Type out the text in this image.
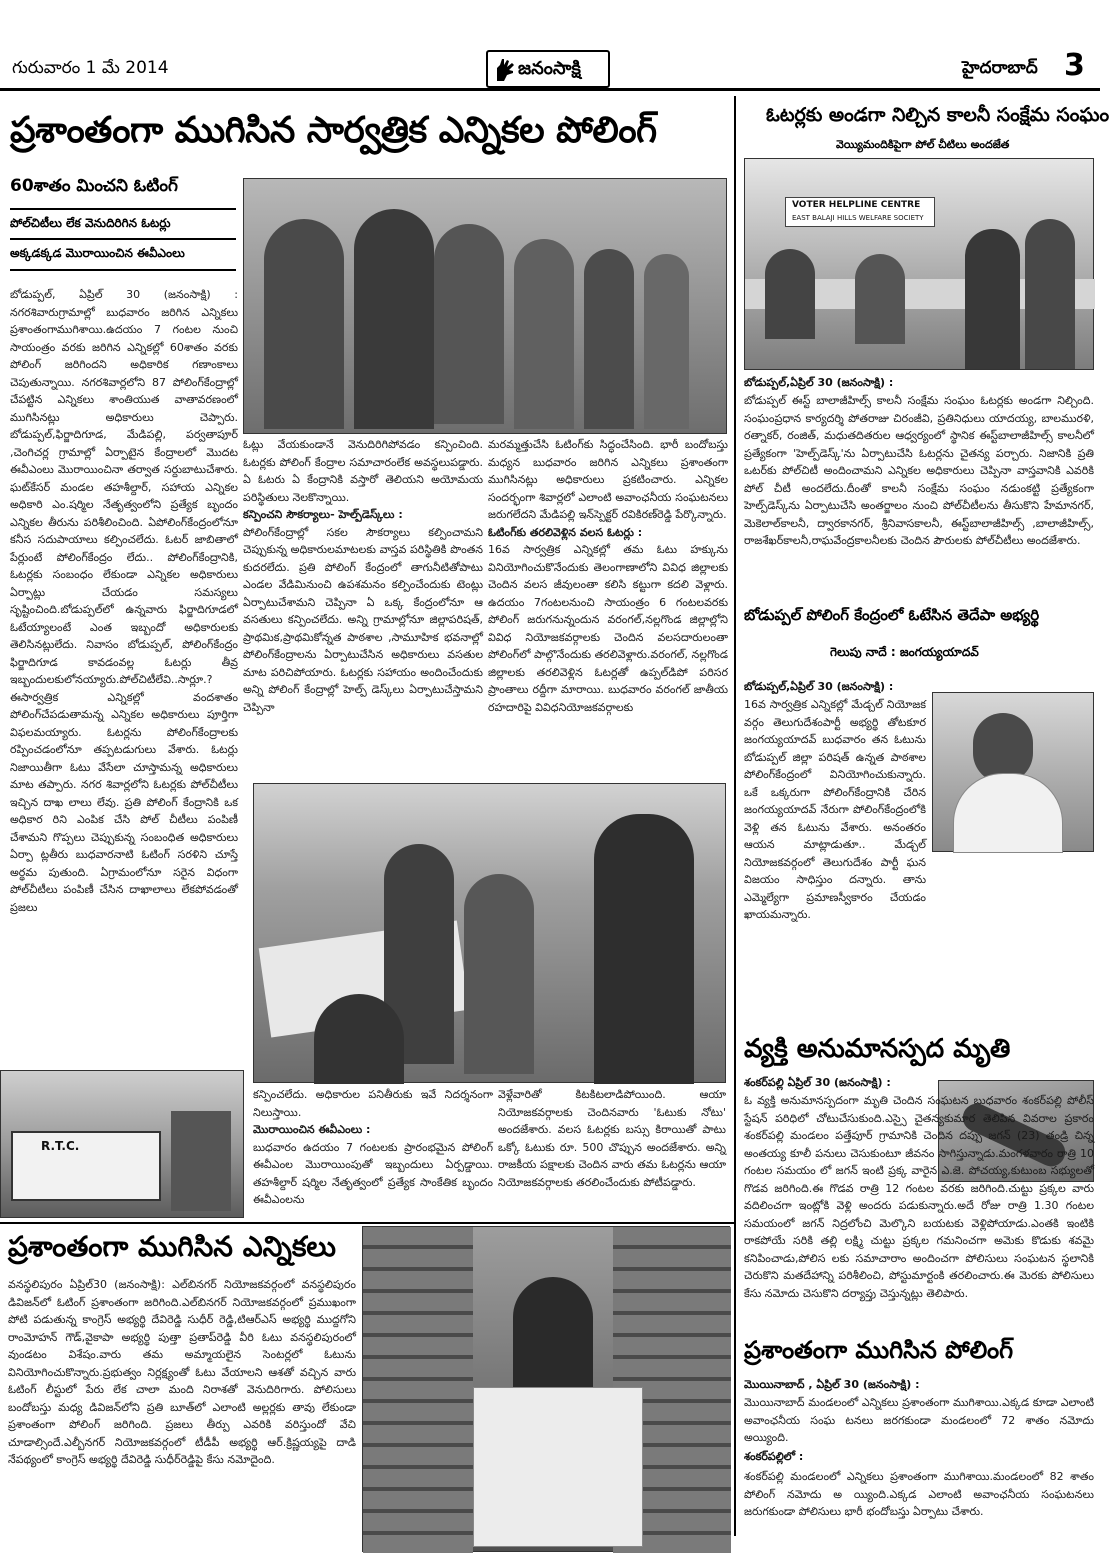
గురువారం 1 మే 2014	జనంసాక్షి	హైదరాబాద్ 3
ప్రశాంతంగా ముగిసిన సార్వత్రిక ఎన్నికల పోలింగ్
60శాతం మించని ఓటింగ్
పోల్‌చిటీలు లేక వెనుదిరిగిన ఓటర్లు
అక్కడక్కడ మొరాయించిన ఈవీఎంలు

బోడుప్పల్, ఏప్రిల్ 30 (జనంసాక్షి) : నగరశివారుగ్రామాల్లో బుధవారం జరిగిన ఎన్నికలు ప్రశాంతంగాముగిశాయి.ఉదయం 7 గంటల నుంచి సాయంత్రం వరకు జరిగిన ఎన్నికల్లో 60శాతం వరకు పోలింగ్ జరిగిందని అధికారిక గణాంకాలు చెపుతున్నాయి. నగరశివార్లలోని 87 పోలింగ్‌కేంద్రాల్లో చేపట్టిన ఎన్నికలు శాంతియుత వాతావరణంలో ముగిసినట్లు అధికారులు చెప్పారు. బోడుప్పల్,ఫిర్జాదిగూడ, మేడిపల్లి, పర్వతాపూర్ ,చెంగిచర్ల గ్రామాల్లో ఏర్పాటైన కేంద్రాలలో మొదట ఈవీఎంలు మొరాయించినా తర్వాత సర్దుబాటుచేశారు. ఘట్‌కేసర్ మండల తహశీల్దార్, సహాయ ఎన్నికల అధికారి ఎం.షర్మిల నేతృత్వంలోని ప్రత్యేక బృందం ఎన్నికల తీరును పరిశీలించింది. ఏపోలింగ్‌కేంద్రంలోనూ కనీస సదుపాయాలు కల్పించలేదు. ఓటర్ జాబితాలో పేర్లుంటే పోలింగ్‌కేంద్రం లేదు.. పోలింగ్‌కేంద్రానికి, ఓటర్లకు సంబంధం లేకుండా ఎన్నికల అధికారులు ఏర్పాట్లు చేయడం సమస్యలు సృష్టించింది.బోడుప్పల్‌లో ఉన్నవారు ఫిర్జాదిగూడలో ఓటేయ్యాలంటే ఎంత ఇబ్బందో అధికారులకు తెలిసినట్లులేదు. నివాసం బోడుప్పల్, పోలింగ్‌కేంద్రం ఫిర్జాదిగూడ కావడంవల్ల ఓటర్లు తీవ్ర ఇబ్బందులకులోనయ్యారు.పోల్‌చిటీలేవి..సార్లూ.? ఈసార్వత్రిక ఎన్నికల్లో వందశాతం పోలింగ్‌చేపడుతామన్న ఎన్నికల అధికారులు పూర్తిగా విఫలమయ్యారు. ఓటర్లను పోలింగ్‌కేంద్రాలకు రప్పించడంలోనూ తప్పటడుగులు వేశారు. ఓటర్లు నిజాయితీగా ఓటు వేసేలా చూస్తామన్న అధికారులు మాట తప్పారు. నగర శివార్లలోని ఓటర్లకు పోల్‌చీటీలు ఇచ్చిన దాఖ లాలు లేవు. ప్రతి పోలింగ్ కేంద్రానికి ఒక అధికార రిని ఎంపిక చేసి పోల్ చీటీలు పంపిణీ చేశామని గొప్పలు చెప్పుకున్న సంబంధిత అధికారులు ఏర్పా ట్లతీరు బుధవారనాటి ఓటింగ్ సరళిని చూస్తే అర్థమ పుతుంది. ఏగ్రామంలోనూ సరైన విధంగా పోల్‌చీటీలు పంపిణీ చేసిన దాఖాలాలు లేకపోవడంతో ప్రజలు

ఓట్లు వేయకుండానే వెనుదిరిగిపోవడం కన్పించింది. ఓటర్లకు పోలింగ్ కేంద్రాల సమాచారంలేక అవస్థలుపడ్డారు. ఏ ఓటరు ఏ కేంద్రానికి వస్తారో తెలియని అయోమయ పరిస్థితులు నెలకొన్నాయి.

కన్పించని సౌకర్యాలు- హెల్ప్‌డెస్క్‌లు :

పోలింగ్‌కేంద్రాల్లో సకల సౌకర్యాలు కల్పించామని చెప్పుకున్న అధికారులమాటలకు వాస్తవ పరిస్థితికి పొంతన కుదరలేదు. ప్రతి పోలింగ్ కేంద్రంలో తాగునీటితోపాటు ఎండల వేడిమినుంచి ఉపశమనం కల్పించేందుకు టెంట్లు ఏర్పాటుచేశామని చెప్పినా ఏ ఒక్క కేంద్రంలోనూ ఆ వసతులు కన్పించలేదు. అన్ని గ్రామాల్లోనూ జిల్లాపరిషత్, ప్రాథమిక,ప్రాథమికోన్నత పాఠశాల ,సామూహిక భవనాల్లో పోలింగ్‌కేంద్రాలను ఏర్పాటుచేసిన అధికారులు వసతుల మాట పరిచిపోయారు. ఓటర్లకు సహాయం అందించేందుకు అన్ని పోలింగ్ కేంద్రాల్లో హెల్ప్ డెస్క్‌లు ఏర్పాటుచేస్తామని చెప్పినా

మరమ్మత్తుచేసి ఓటింగ్‌కు సిద్ధంచేసింది. భారీ బందోబస్తు మధ్యన బుధవారం జరిగిన ఎన్నికలు ప్రశాంతంగా ముగిసినట్లు అధికారులు ప్రకటించారు. ఎన్నికల సందర్భంగా శివార్లలో ఎలాంటి అవాంఛనీయ సంఘటనలు జరుగలేదని మేడిపల్లి ఇన్‌స్పెక్టర్ రవికిరణ్‌రెడ్డి పేర్కొన్నారు.

ఓటింగ్‌కు తరలివెళ్లిన వలస ఓటర్లు :

16వ సార్వత్రిక ఎన్నికల్లో తమ ఓటు హక్కును వినియోగించుకొనేందుకు తెలంగాణాలోని వివిధ జిల్లాలకు చెందిన వలస జీవులంతా కలిసి కట్టుగా కదలి వెళ్లారు. ఉదయం 7గంటలనుంచి సాయంత్రం 6 గంటలవరకు పోలింగ్ జరుగనున్నందున వరంగల్,నల్లగొండ జిల్లాల్లోని వివిధ నియోజకవర్గాలకు చెందిన వలసదారులంతా పోలింగ్‌లో పాల్గొనేందుకు తరలివెళ్లారు.వరంగల్, నల్లగొండ జిల్లాలకు తరలివెళ్లిన ఓటర్లతో ఉప్పల్‌డిపో పరిసర ప్రాంతాలు రద్దీగా మారాయి. బుధవారం వరంగల్ జాతీయ రహదారిపై వివిధనియోజకవర్గాలకు

R.T.C.

కన్పించలేదు. అధికారుల పనితీరుకు ఇవే నిదర్శనంగా నిలుస్తాయి.

మొరాయించిన ఈవీఎంలు :

బుధవారం ఉదయం 7 గంటలకు ప్రారంభమైన పోలింగ్ ఈవీఎంల మొరాయింపుతో ఇబ్బందులు ఏర్పడ్డాయి. తహశీల్దార్ షర్మిల నేతృత్వంలో ప్రత్యేక సాంకేతిక బృందం ఈవీఎంలను

వెళ్లేవారితో కిటకిటలాడిపోయింది. ఆయా నియోజకవర్గాలకు చెందినవారు 'ఓటుకు నోటు' అందజేశారు. వలస ఓటర్లకు బస్సు కిరాయితో పాటు ఒక్కో ఓటుకు రూ. 500 చొప్పున అందజేశారు. అన్ని రాజకీయ పక్షాలకు చెందిన వారు తమ ఓటర్లను ఆయా నియోజకవర్గాలకు తరలించేందుకు పోటీపడ్డారు.

ప్రశాంతంగా ముగిసిన ఎన్నికలు

వనస్థలిపురం ఏప్రిల్30 (జనంసాక్షి): ఎల్‌బినగర్ నియోజకవర్గంలో వనస్థలిపురం డివిజన్‌లో ఓటింగ్ ప్రశాంతంగా జరిగింది.ఎల్‌బినగర్ నియోజకవర్గంలో ప్రముఖంగా పోటి పడుతున్న కాంగ్రెస్ అభ్యర్థి దేవిరెడ్డి సుధీర్ రెడ్డి,టిఆర్ఎస్ అభ్యర్థి ముద్దగోని రాంమోహన్ గౌడ్,వైకాపా అభ్యర్థి పుత్తా ప్రతాప్‌రెడ్డి వీరి ఓటు వనస్థలిపురంలో వుండటం విశేషం.వారు తమ అమ్మాయలైన సెంటర్లలో ఓటును వినియోగించుకొన్నారు.ప్రభుత్వం నిర్లక్ష్యంతో ఓటు వేయాలని ఆశతో వచ్చిన వారు ఓటింగ్ లీస్టులో పేరు లేక చాలా మంది నిరాశతో వెనుదిరిగారు. పోలిసులు బందోబస్తు మధ్య డివిజన్‌లోని ప్రతి బూత్‌లో ఎలాంటి అల్లర్లకు తావు లేకుండా ప్రశాంతంగా పోలింగ్ జరిగింది. ప్రజలు తీర్పు ఎవరికి వరిస్తుందో వేచి చూడాల్సిందే.ఎల్బీనగర్ నియోజకవర్గంలో టీడీపీ అభ్యర్థి ఆర్.క్రిష్ణయ్యపై దాడి నేపథ్యంలో కాంగ్రెస్ అభ్యర్థి దేవిరెడ్డి సుధీర్‌రెడ్డిపై కేసు నమోదైంది.

ఓటర్లకు అండగా నిల్చిన కాలనీ సంక్షేమ సంఘం
వెయ్యిమందికిపైగా పోల్ చీటిలు అందజేత
VOTER HELPLINE CENTRE
EAST BALAJI HILLS WELFARE SOCIETY
బోడుప్పల్,ఏప్రిల్ 30 (జనంసాక్షి) :

బోడుప్పల్ ఈస్ట్ బాలాజీహిల్స్ కాలనీ సంక్షేమ సంఘం ఓటర్లకు అండగా నిల్చింది. సంఘంప్రధాన కార్యదర్శి పోతరాజు చిరంజీవి, ప్రతినిధులు యాదయ్య, బాలమురళి, రత్నాకర్, రంజిత్, మధుతదితరుల ఆధ్వర్యంలో స్థానిక ఈస్ట్‌బాలాజీహిల్స్ కాలనీలో ప్రత్యేకంగా 'హెల్ప్‌డెస్క్'ను ఏర్పాటుచేసి ఓటర్లను చైతన్య పర్చారు. నిజానికి ప్రతి ఒటర్‌కు పోల్‌చిటీ అందించామని ఎన్నికల అధికారులు చెప్పినా వాస్తవానికి ఎవరికి పోల్ చీటీ అందలేదు.దీంతో కాలనీ సంక్షేమ సంఘం నడుంకట్టి ప్రత్యేకంగా హెల్ప్‌డెస్క్‌ను ఏర్పాటుచేసి అంతర్జాలం నుంచి పోల్‌చీటీలను తీసుకొని హేమానగర్, మెకెలాల్‌కాలనీ, ద్వారకానగర్, శ్రీనివాసకాలనీ, ఈస్ట్‌బాలాజీహిల్స్ ,బాలాజీహిల్స్, రాజశేఖర్‌కాలనీ,రాఘవేంద్రకాలనీలకు చెందిన పౌరులకు పోల్‌చీటీలు అందజేశారు.

బోడుప్పల్ పోలింగ్ కేంద్రంలో ఓటేసిన తెదేపా అభ్యర్థి
గెలుపు నాదే : జంగయ్యయాదవ్
బోడుప్పల్,ఏప్రిల్ 30 (జనంసాక్షి) :

16వ సార్వత్రిక ఎన్నికల్లో మేడ్చల్ నియోజక వర్గం తెలుగుదేశంపార్టీ అభ్యర్థి తోటకూర జంగయ్యయాదవ్ బుధవారం తన ఓటును బోడుప్పల్ జిల్లా పరిషత్ ఉన్నత పాఠశాల పోలింగ్‌కేంద్రంలో వినియోగించుకున్నారు. ఒకే ఒక్కరుగా పోలింగ్‌కేంద్రానికి చేరిన జంగయ్యయాదవ్ నేరుగా పోలింగ్‌కేంద్రంలోకి వెళ్లి తన ఓటును వేశారు. అనంతరం ఆయన మాట్లాడుతూ.. మేడ్చల్ నియోజకవర్గంలో తెలుగుదేశం పార్టీ ఘన విజయం సాధిస్తుం దన్నారు. తాను ఎమ్మెల్యేగా ప్రమాణస్వీకారం చేయడం ఖాయమన్నారు.

వ్యక్తి అనుమానస్పద మృతి
శంకర్‌పల్లి ఏప్రిల్ 30 (జనంసాక్షి) :

ఓ వ్యక్తి అనుమానస్పదంగా మృతి చెందిన సంఘటన బుధవారం శంకర్‌పల్లి పోలీస్ స్టేషన్ పరిధిలో చోటుచేసుకుంది.ఎస్సై చైతన్యకుమార తెలిపిన వివరాల ప్రకారం శంకర్‌పల్లి మండలం పత్తేపూర్ గ్రామానికి చెందిన దప్పు జగన్ (23) తండ్రి చిన్న అంతయ్య కూలీ పనులు చెసుకుంటూ జీవనం సాగిస్తున్నాడు.మంగళవారం రాత్రి 10 గంటల సమయం లో జగన్ ఇంటి ప్రక్క వారైన ఎ.జె. పోచయ్య,కుటుంబ సభ్యులతో గొడవ జరిగింది.ఈ గొడవ రాత్రి 12 గంటల వరకు జరిగింది.చుట్టు ప్రక్కల వారు వదిలించగా ఇంట్లోకి వెళ్లి అందరు పడుకున్నారు.అదే రోజు రాత్రి 1.30 గంటల సమయంలో జగన్ నిద్రలోంచి మెల్కొని బయటకు వెళ్లిపోయాడు.ఎంతకి ఇంటికి రాకపోయే సరికి తల్లి లక్ష్మి చుట్టు ప్రక్కల గమనించగా అమెకు కొడుకు శవమై కనిపించాడు,పోలిస లకు సమాచారాం అందించగా పోలిసులు సంఘటన స్థలానికి చెరుకొని మతదేహాన్ని పరిశీలించి, పోస్టుమార్టంకి తరలించారు.ఈ మెరకు పోలిసులు కేసు నమోదు చెసుకొని దర్యాప్తు చెస్తున్నట్లు తెలిపారు.

ప్రశాంతంగా ముగిసిన పోలింగ్
మొయినాబాద్ , ఏప్రిల్ 30 (జనంసాక్షి) :

మొయినాబాద్ మండలంలో ఎన్నికలు ప్రశాంతంగా ముగిశాయి.ఎక్కడ కూడా ఎలాంటి అవాంఛనీయ సంఘ టనలు జరగకుండా మండలంలో 72 శాతం నమోదు అయ్యింది.

శంకర్‌పల్లిలో :

శంకర్‌పల్లి మండలంలో ఎన్నికలు ప్రశాంతంగా ముగిశాయి.మండలంలో 82 శాతం పోలింగ్ నమోదు అ య్యింది.ఎక్కడ ఎలాంటి అవాంఛనీయ సంఘటనలు జరుగకుండా పోలిసులు భారీ భందోబస్తు ఏర్పాటు చేశారు.
